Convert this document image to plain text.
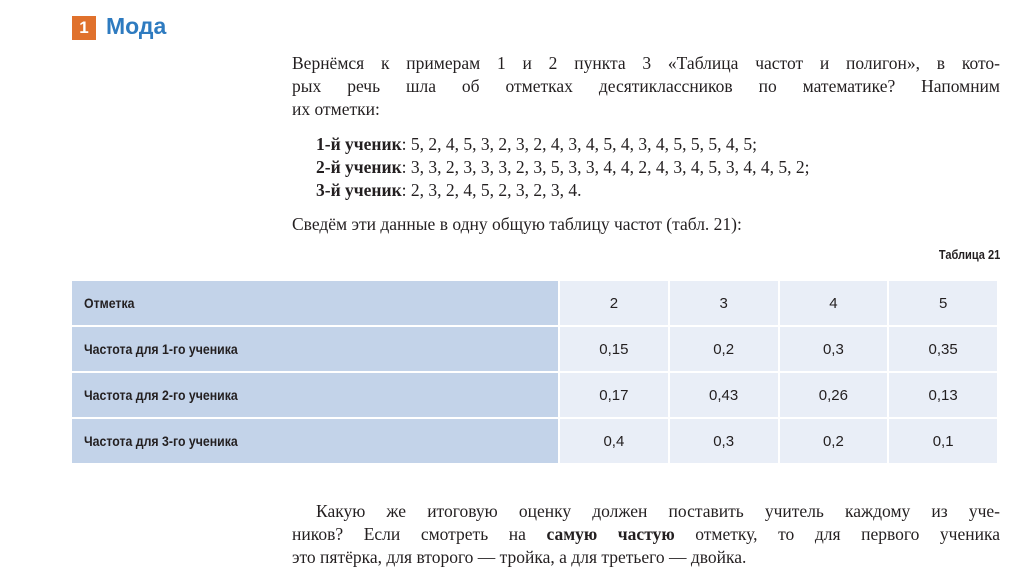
1 Мода
Вернёмся к примерам 1 и 2 пункта 3 «Таблица частот и полигон», в кото-
рых речь шла об отметках десятиклассников по математике? Напомним
их отметки:
1-й ученик: 5, 2, 4, 5, 3, 2, 3, 2, 4, 3, 4, 5, 4, 3, 4, 5, 5, 5, 4, 5;
2-й ученик: 3, 3, 2, 3, 3, 3, 2, 3, 5, 3, 3, 4, 4, 2, 4, 3, 4, 5, 3, 4, 4, 5, 2;
3-й ученик: 2, 3, 2, 4, 5, 2, 3, 2, 3, 4.
Сведём эти данные в одну общую таблицу частот (табл. 21):
Таблица 21
Отметка	2	3	4	5
Частота для 1-го ученика	0,15	0,2	0,3	0,35
Частота для 2-го ученика	0,17	0,43	0,26	0,13
Частота для 3-го ученика	0,4	0,3	0,2	0,1
Какую же итоговую оценку должен поставить учитель каждому из уче-
ников? Если смотреть на самую частую отметку, то для первого ученика
это пятёрка, для второго — тройка, а для третьего — двойка.
